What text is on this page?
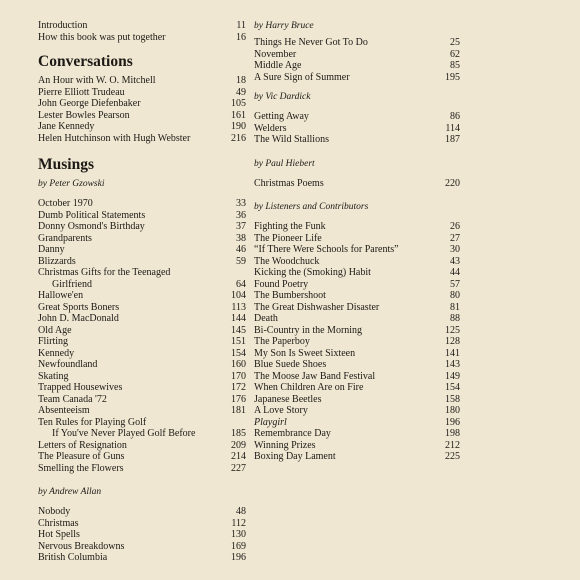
Introduction	11
How this book was put together	16
Conversations
An Hour with W. O. Mitchell	18
Pierre Elliott Trudeau	49
John George Diefenbaker	105
Lester Bowles Pearson	161
Jane Kennedy	190
Helen Hutchinson with Hugh Webster	216
Musings
by Peter Gzowski
October 1970	33
Dumb Political Statements	36
Donny Osmond's Birthday	37
Grandparents	38
Danny	46
Blizzards	59
Christmas Gifts for the Teenaged
Girlfriend	64
Hallowe'en	104
Great Sports Boners	113
John D. MacDonald	144
Old Age	145
Flirting	151
Kennedy	154
Newfoundland	160
Skating	170
Trapped Housewives	172
Team Canada '72	176
Absenteeism	181
Ten Rules for Playing Golf
If You've Never Played Golf Before	185
Letters of Resignation	209
The Pleasure of Guns	214
Smelling the Flowers	227
by Andrew Allan
Nobody	48
Christmas	112
Hot Spells	130
Nervous Breakdowns	169
British Columbia	196
by Harry Bruce
Things He Never Got To Do	25
November	62
Middle Age	85
A Sure Sign of Summer	195
by Vic Dardick
Getting Away	86
Welders	114
The Wild Stallions	187
by Paul Hiebert
Christmas Poems	220
by Listeners and Contributors
Fighting the Funk	26
The Pioneer Life	27
“If There Were Schools for Parents”	30
The Woodchuck	43
Kicking the (Smoking) Habit	44
Found Poetry	57
The Bumbershoot	80
The Great Dishwasher Disaster	81
Death	88
Bi-Country in the Morning	125
The Paperboy	128
My Son Is Sweet Sixteen	141
Blue Suede Shoes	143
The Moose Jaw Band Festival	149
When Children Are on Fire	154
Japanese Beetles	158
A Love Story	180
Playgirl	196
Remembrance Day	198
Winning Prizes	212
Boxing Day Lament	225
